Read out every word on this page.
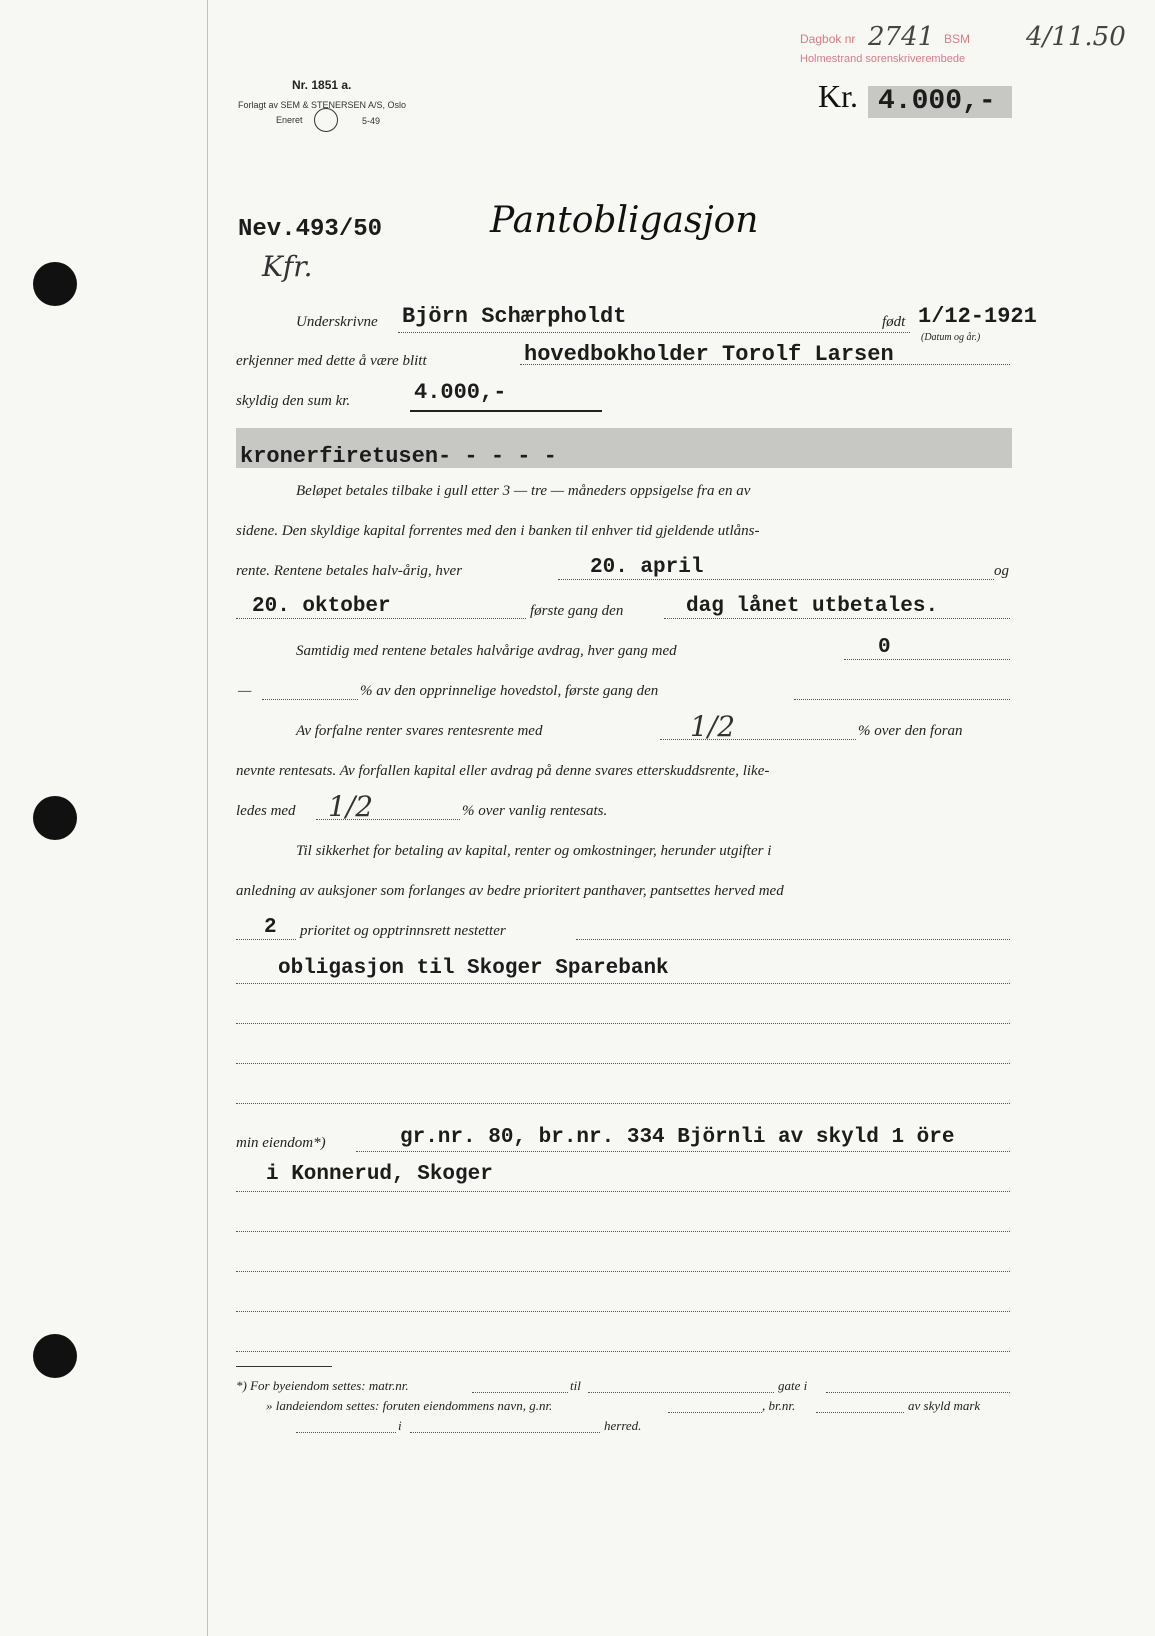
Dagbok nr 2741 BSM 4/11.50
Holmestrand sorenskriverembede
Nr. 1851 a.
Forlagt av SEM & STENERSEN A/S, Oslo
Eneret	5-49
Kr. 4.000,-
Nev.493/50	Pantobligasjon
Kfr.
Underskrivne Björn Schærpholdt	født 1/12-1921
(Datum og år.)
erkjenner med dette å være blitt	hovedbokholder Torolf Larsen
skyldig den sum kr.	4.000,-
kronerfiretusen- - - - -
Beløpet betales tilbake i gull etter 3 — tre — måneders oppsigelse fra en av
sidene. Den skyldige kapital forrentes med den i banken til enhver tid gjeldende utlåns-
rente. Rentene betales halv-årig, hver	20. april	og
20. oktober	første gang den	dag lånet utbetales.
Samtidig med rentene betales halvårige avdrag, hver gang med	0
—	% av den opprinnelige hovedstol, første gang den
Av forfalne renter svares rentesrente med	1/2	% over den foran
nevnte rentesats. Av forfallen kapital eller avdrag på denne svares etterskuddsrente, like-
ledes med 1/2	% over vanlig rentesats.
Til sikkerhet for betaling av kapital, renter og omkostninger, herunder utgifter i
anledning av auksjoner som forlanges av bedre prioritert panthaver, pantsettes herved med
2 prioritet og opptrinnsrett nestetter
obligasjon til Skoger Sparebank
min eiendom*)	gr.nr. 80, br.nr. 334 Björnli av skyld 1 öre
i Konnerud, Skoger
*) For byeiendom settes: matr.nr.	til	gate i
» landeiendom settes: foruten eiendommens navn, g.nr.	, br.nr.	av skyld mark
i	herred.
